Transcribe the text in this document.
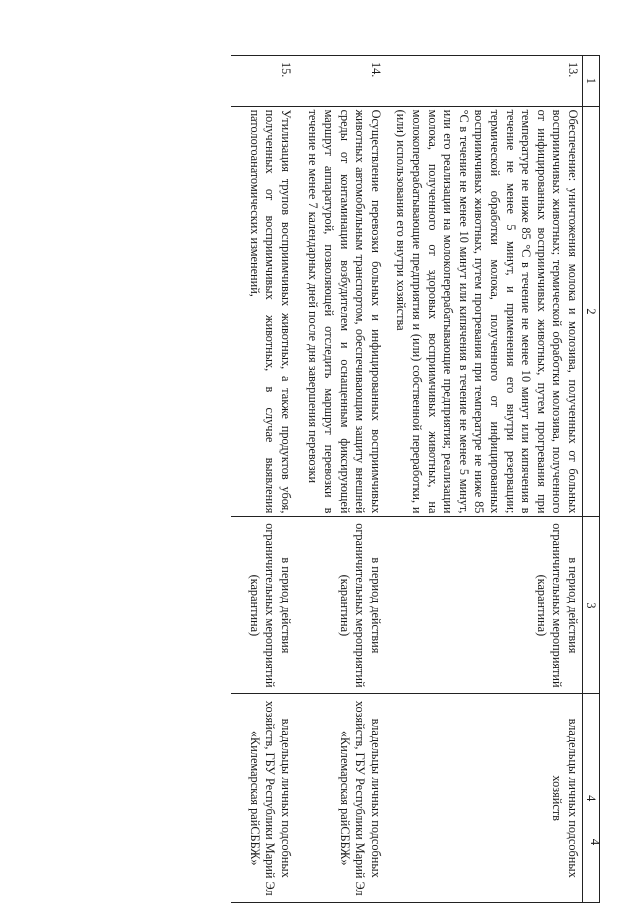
4
1	2	3	4
13.	Обеспечение: уничтожения молока и молозива, полученных от больных восприимчивых животных; термической обработки молозива, полученного от инфицированных восприимчивых животных, путем прогревания при температуре не ниже 85 °С в течение не менее 10 минут или кипячения в течение не менее 5 минут, и применения его внутри резервации; термической обработки молока, полученного от инфицированных восприимчивых животных, путем прогревания при температуре не ниже 85 °С в течение не менее 10 минут или кипячения в течение не менее 5 минут, или его реализации на молокоперерабатывающие предприятия; реализации молока, полученного от здоровых восприимчивых животных, на молокоперерабатывающие предприятия и (или) собственной переработки, и (или) использования его внутри хозяйства	в период действия ограничительных мероприятий (карантина)	владельцы личных подсобных хозяйств

14.	Осуществление перевозки больных и инфицированных восприимчивых животных автомобильным транспортом, обеспечивающим защиту внешней среды от контаминации возбудителем и оснащенным фиксирующей маршрут аппаратурой, позволяющей отследить маршрут перевозки в течение не менее 7 календарных дней после дня завершения перевозки	в период действия ограничительных мероприятий (карантина)	владельцы личных подсобных хозяйств, ГБУ Республики Марий Эл «Килемарская райСББЖ»

15.	Утилизация трупов восприимчивых животных, а также продуктов убоя, полученных от восприимчивых животных, в случае выявления патологоанатомических изменений,	в период действия ограничительных мероприятий (карантина)	владельцы личных подсобных хозяйств, ГБУ Республики Марий Эл «Килемарская райСББЖ»
